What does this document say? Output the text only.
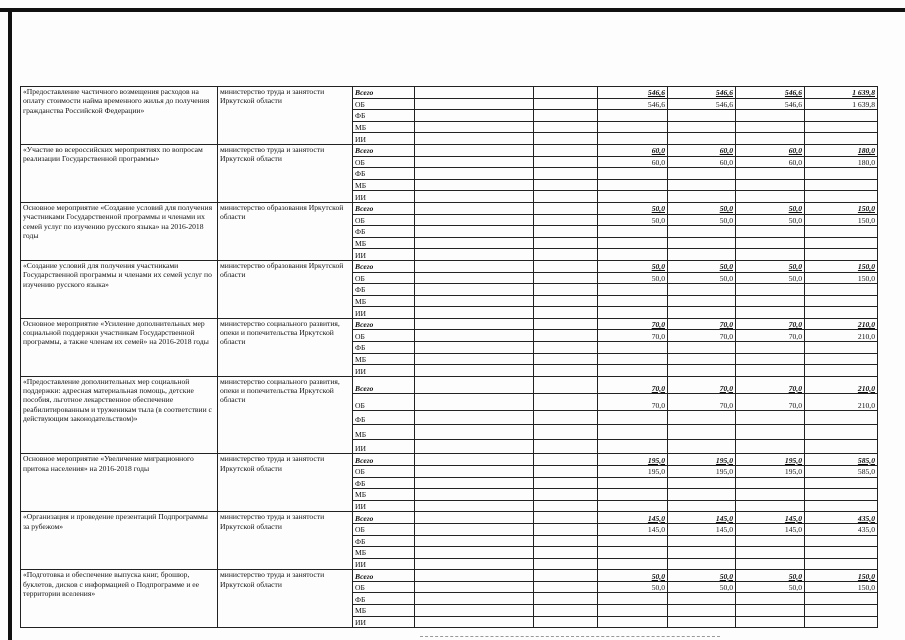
«Предоставление частичного возмещения расходов на оплату стоимости найма временного жилья до получения гражданства Российской Федерации»	министерство труда и занятости Иркутской области	Всего			546,6	546,6	546,6	1 639,8
		ОБ			546,6	546,6	546,6	1 639,8
		ФБ						
		МБ						
		ИИ						
«Участие во всероссийских мероприятиях по вопросам реализации Государственной программы»	министерство труда и занятости Иркутской области	Всего			60,0	60,0	60,0	180,0
		ОБ			60,0	60,0	60,0	180,0
		ФБ						
		МБ						
		ИИ						
Основное мероприятие «Создание условий для получения участниками Государственной программы и членами их семей услуг по изучению русского языка» на 2016-2018 годы	министерство образования Иркутской области	Всего			50,0	50,0	50,0	150,0
		ОБ			50,0	50,0	50,0	150,0
		ФБ						
		МБ						
		ИИ						
«Создание условий для получения участниками Государственной программы и членами их семей услуг по изучению русского языка»	министерство образования Иркутской области	Всего			50,0	50,0	50,0	150,0
		ОБ			50,0	50,0	50,0	150,0
		ФБ						
		МБ						
		ИИ						
Основное мероприятие «Усиление дополнительных мер социальной поддержки участникам Государственной программы, а также членам их семей» на 2016-2018 годы	министерство социального развития, опеки и попечительства Иркутской области	Всего			70,0	70,0	70,0	210,0
		ОБ			70,0	70,0	70,0	210,0
		ФБ						
		МБ						
		ИИ						
«Предоставление дополнительных мер социальной поддержки: адресная материальная помощь, детские пособия, льготное лекарственное обеспечение реабилитированным и труженикам тыла (в соответствии с действующим законодательством)»	министерство социального развития, опеки и попечительства Иркутской области	Всего			70,0	70,0	70,0	210,0
		ОБ			70,0	70,0	70,0	210,0
		ФБ						
		МБ						
		ИИ						
Основное мероприятие «Увеличение миграционного притока населения» на 2016-2018 годы	министерство труда и занятости Иркутской области	Всего			195,0	195,0	195,0	585,0
		ОБ			195,0	195,0	195,0	585,0
		ФБ						
		МБ						
		ИИ						
«Организация и проведение презентаций Подпрограммы за рубежом»	министерство труда и занятости Иркутской области	Всего			145,0	145,0	145,0	435,0
		ОБ			145,0	145,0	145,0	435,0
		ФБ						
		МБ						
		ИИ						
«Подготовка и обеспечение выпуска книг, брошюр, буклетов, дисков с информацией о Подпрограмме и ее территории вселения»	министерство труда и занятости Иркутской области	Всего			50,0	50,0	50,0	150,0
		ОБ			50,0	50,0	50,0	150,0
		ФБ						
		МБ						
		ИИ						
